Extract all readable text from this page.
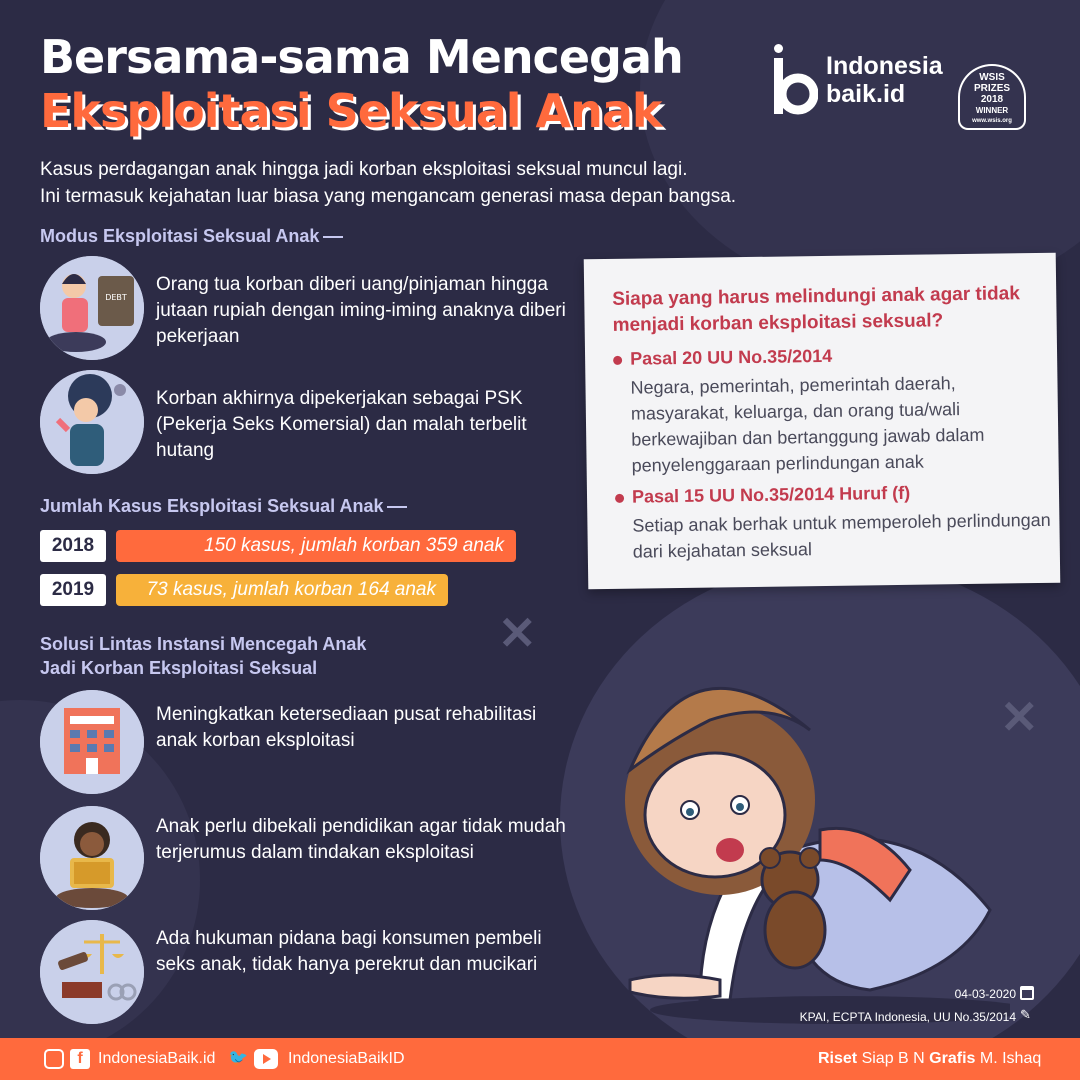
✕
✕
Bersama-sama Mencegah
Eksploitasi Seksual Anak
Indonesia
baik.id
WSIS
PRIZES
2018
WINNER
www.wsis.org
Kasus perdagangan anak hingga jadi korban eksploitasi seksual muncul lagi.
Ini termasuk kejahatan luar biasa yang mengancam generasi masa depan bangsa.
Modus Eksploitasi Seksual Anak
DEBT
Orang tua korban diberi uang/pinjaman hingga jutaan rupiah dengan iming-iming anaknya diberi pekerjaan
Korban akhirnya dipekerjakan sebagai PSK (Pekerja Seks Komersial) dan malah terbelit hutang
Jumlah Kasus Eksploitasi Seksual Anak
2018	150 kasus, jumlah korban 359 anak
2019	73 kasus, jumlah korban 164 anak
Solusi Lintas Instansi Mencegah Anak
Jadi Korban Eksploitasi Seksual
Meningkatkan ketersediaan pusat rehabilitasi anak korban eksploitasi
Anak perlu dibekali pendidikan agar tidak mudah terjerumus dalam tindakan eksploitasi
Ada hukuman pidana bagi konsumen pembeli seks anak, tidak hanya perekrut dan mucikari
Siapa yang harus melindungi anak agar tidak menjadi korban eksploitasi seksual?
Pasal 20 UU No.35/2014
Negara, pemerintah, pemerintah daerah, masyarakat, keluarga, dan orang tua/wali berkewajiban dan bertanggung jawab dalam penyelenggaraan perlindungan anak
Pasal 15 UU No.35/2014 Huruf (f)
Setiap anak berhak untuk memperoleh perlindungan dari kejahatan seksual
04-03-2020
KPAI, ECPTA Indonesia, UU No.35/2014 ✎
f IndonesiaBaik.id 🐦	IndonesiaBaikID	Riset Siap B N Grafis M. Ishaq
